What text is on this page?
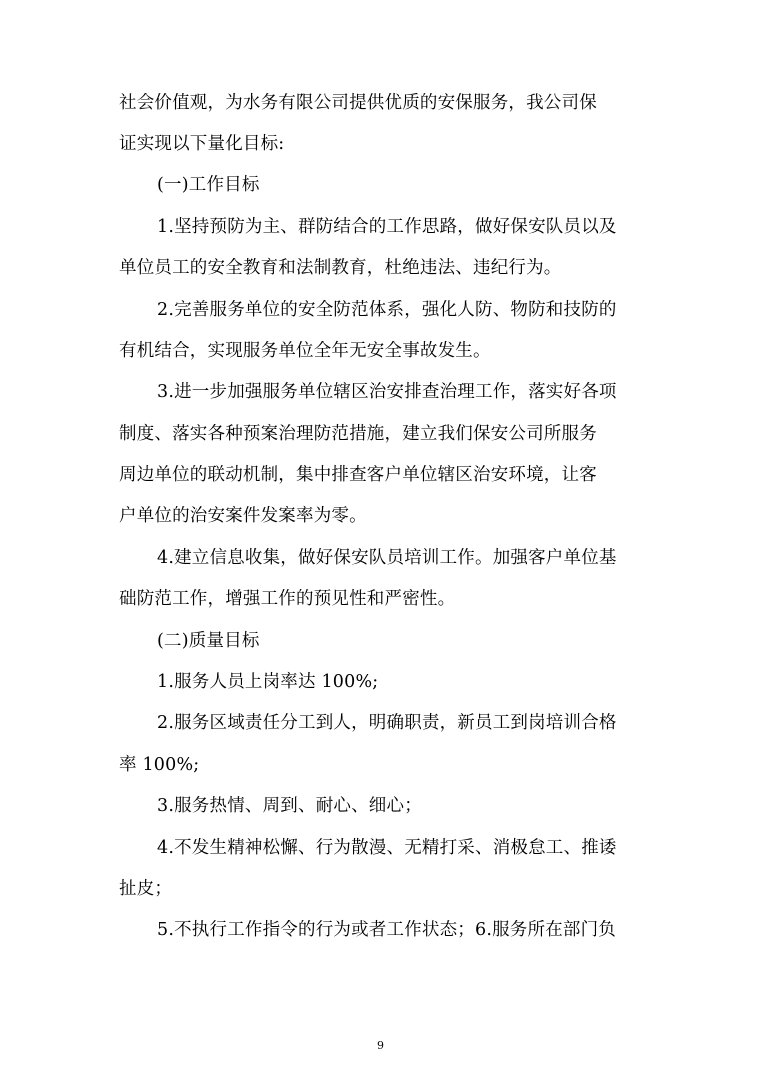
社会价值观，为水务有限公司提供优质的安保服务，我公司保
证实现以下量化目标:
(一)工作目标
1.坚持预防为主、群防结合的工作思路，做好保安队员以及
单位员工的安全教育和法制教育，杜绝违法、违纪行为。
2.完善服务单位的安全防范体系，强化人防、物防和技防的
有机结合，实现服务单位全年无安全事故发生。
3.进一步加强服务单位辖区治安排查治理工作，落实好各项
制度、落实各种预案治理防范措施，建立我们保安公司所服务
周边单位的联动机制，集中排查客户单位辖区治安环境，让客
户单位的治安案件发案率为零。
4.建立信息收集，做好保安队员培训工作。加强客户单位基
础防范工作，增强工作的预见性和严密性。
(二)质量目标
1.服务人员上岗率达 100%;
2.服务区域责任分工到人，明确职责，新员工到岗培训合格
率 100%;
3.服务热情、周到、耐心、细心；
4.不发生精神松懈、行为散漫、无精打采、消极怠工、推诿
扯皮；
5.不执行工作指令的行为或者工作状态；6.服务所在部门负
9
